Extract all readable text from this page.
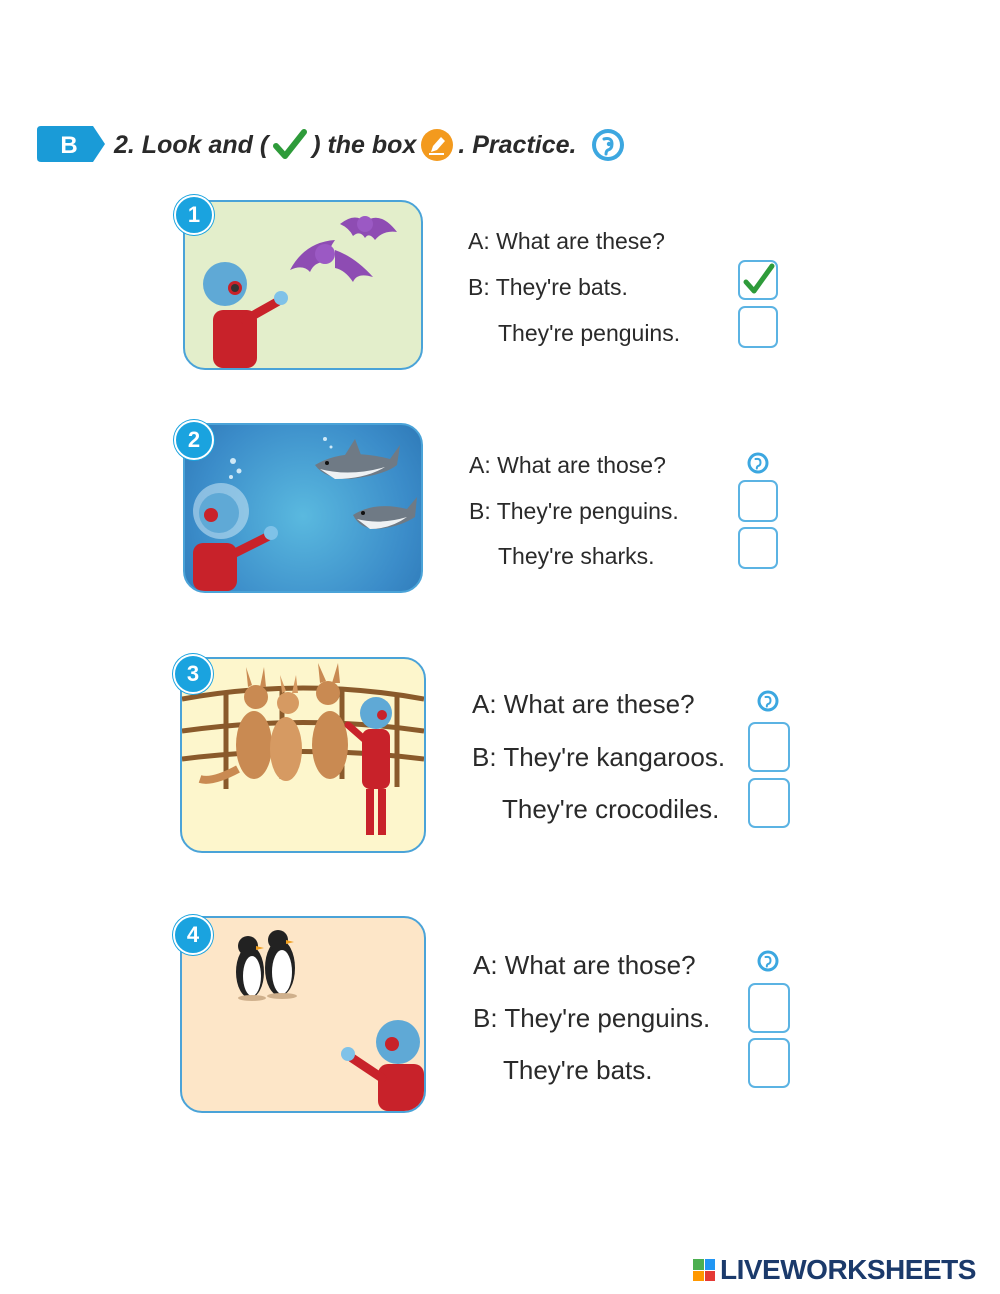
B 2. Look and ( ) the box . Practice.
1
A: What are these?
B: They're bats.
They're penguins.
2
A: What are those?
B: They're penguins.
They're sharks.
3
A: What are these?
B: They're kangaroos.
They're crocodiles.
4
A: What are those?
B: They're penguins.
They're bats.
LIVEWORKSHEETS
